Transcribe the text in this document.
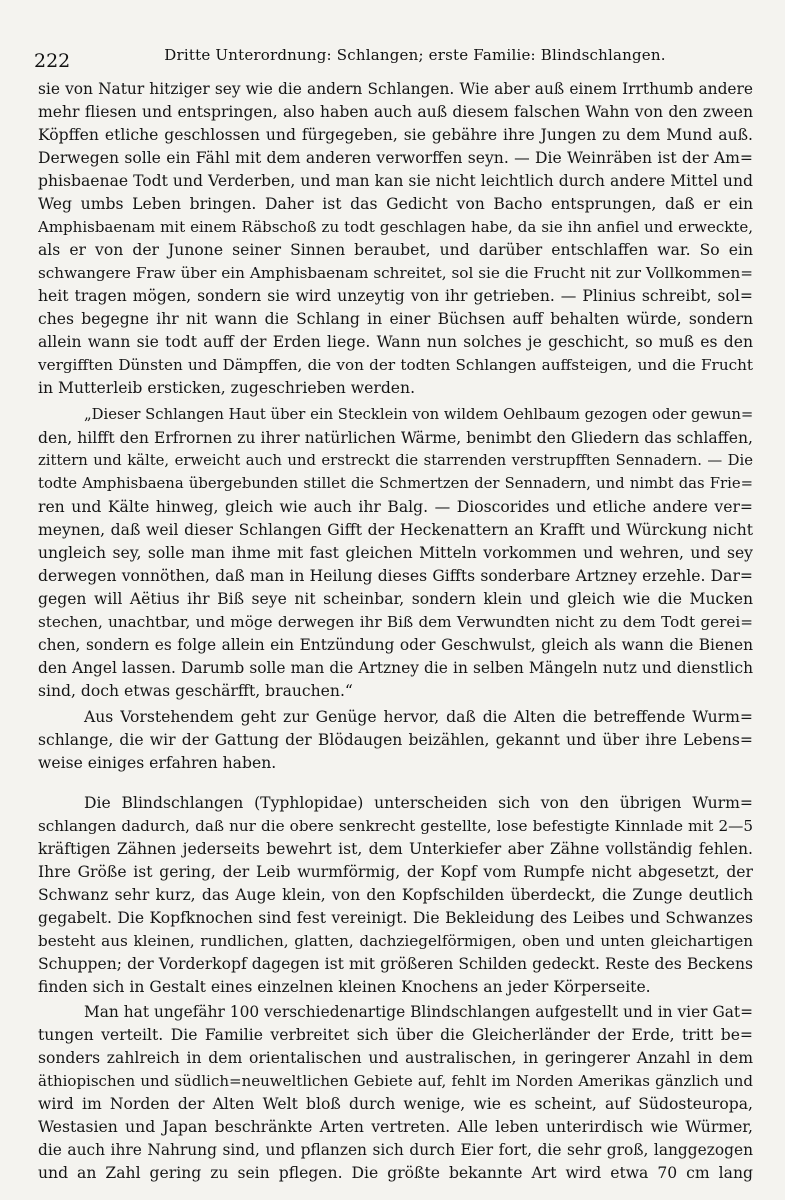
222	Dritte Unterordnung: Schlangen; erste Familie: Blindschlangen.

sie von Natur hitziger sey wie die andern Schlangen. Wie aber auß einem Irrthumb andere

mehr fliesen und entspringen, also haben auch auß diesem falschen Wahn von den zween

Köpffen etliche geschlossen und fürgegeben, sie gebähre ihre Jungen zu dem Mund auß.

Derwegen solle ein Fähl mit dem anderen verworffen seyn. — Die Weinräben ist der Am=

phisbaenae Todt und Verderben, und man kan sie nicht leichtlich durch andere Mittel und

Weg umbs Leben bringen. Daher ist das Gedicht von Bacho entsprungen, daß er ein

Amphisbaenam mit einem Räbschoß zu todt geschlagen habe, da sie ihn anfiel und erweckte,

als er von der Junone seiner Sinnen beraubet, und darüber entschlaffen war. So ein

schwangere Fraw über ein Amphisbaenam schreitet, sol sie die Frucht nit zur Vollkommen=

heit tragen mögen, sondern sie wird unzeytig von ihr getrieben. — Plinius schreibt, sol=

ches begegne ihr nit wann die Schlang in einer Büchsen auff behalten würde, sondern

allein wann sie todt auff der Erden liege. Wann nun solches je geschicht, so muß es den

vergifften Dünsten und Dämpffen, die von der todten Schlangen auffsteigen, und die Frucht

in Mutterleib ersticken, zugeschrieben werden.

„Dieser Schlangen Haut über ein Stecklein von wildem Oehlbaum gezogen oder gewun=

den, hilfft den Erfrornen zu ihrer natürlichen Wärme, benimbt den Gliedern das schlaffen,

zittern und kälte, erweicht auch und erstreckt die starrenden verstrupfften Sennadern. — Die

todte Amphisbaena übergebunden stillet die Schmertzen der Sennadern, und nimbt das Frie=

ren und Kälte hinweg, gleich wie auch ihr Balg. — Dioscorides und etliche andere ver=

meynen, daß weil dieser Schlangen Gifft der Heckenattern an Krafft und Würckung nicht

ungleich sey, solle man ihme mit fast gleichen Mitteln vorkommen und wehren, und sey

derwegen vonnöthen, daß man in Heilung dieses Giffts sonderbare Artzney erzehle. Dar=

gegen will Aëtius ihr Biß seye nit scheinbar, sondern klein und gleich wie die Mucken

stechen, unachtbar, und möge derwegen ihr Biß dem Verwundten nicht zu dem Todt gerei=

chen, sondern es folge allein ein Entzündung oder Geschwulst, gleich als wann die Bienen

den Angel lassen. Darumb solle man die Artzney die in selben Mängeln nutz und dienstlich

sind, doch etwas geschärfft, brauchen.“

Aus Vorstehendem geht zur Genüge hervor, daß die Alten die betreffende Wurm=

schlange, die wir der Gattung der Blödaugen beizählen, gekannt und über ihre Lebens=

weise einiges erfahren haben.

Die Blindschlangen (Typhlopidae) unterscheiden sich von den übrigen Wurm=

schlangen dadurch, daß nur die obere senkrecht gestellte, lose befestigte Kinnlade mit 2—5

kräftigen Zähnen jederseits bewehrt ist, dem Unterkiefer aber Zähne vollständig fehlen.

Ihre Größe ist gering, der Leib wurmförmig, der Kopf vom Rumpfe nicht abgesetzt, der

Schwanz sehr kurz, das Auge klein, von den Kopfschilden überdeckt, die Zunge deutlich

gegabelt. Die Kopfknochen sind fest vereinigt. Die Bekleidung des Leibes und Schwanzes

besteht aus kleinen, rundlichen, glatten, dachziegelförmigen, oben und unten gleichartigen

Schuppen; der Vorderkopf dagegen ist mit größeren Schilden gedeckt. Reste des Beckens

finden sich in Gestalt eines einzelnen kleinen Knochens an jeder Körperseite.

Man hat ungefähr 100 verschiedenartige Blindschlangen aufgestellt und in vier Gat=

tungen verteilt. Die Familie verbreitet sich über die Gleicherländer der Erde, tritt be=

sonders zahlreich in dem orientalischen und australischen, in geringerer Anzahl in dem

äthiopischen und südlich=neuweltlichen Gebiete auf, fehlt im Norden Amerikas gänzlich und

wird im Norden der Alten Welt bloß durch wenige, wie es scheint, auf Südosteuropa,

Westasien und Japan beschränkte Arten vertreten. Alle leben unterirdisch wie Würmer,

die auch ihre Nahrung sind, und pflanzen sich durch Eier fort, die sehr groß, langgezogen

und an Zahl gering zu sein pflegen. Die größte bekannte Art wird etwa 70 cm lang
